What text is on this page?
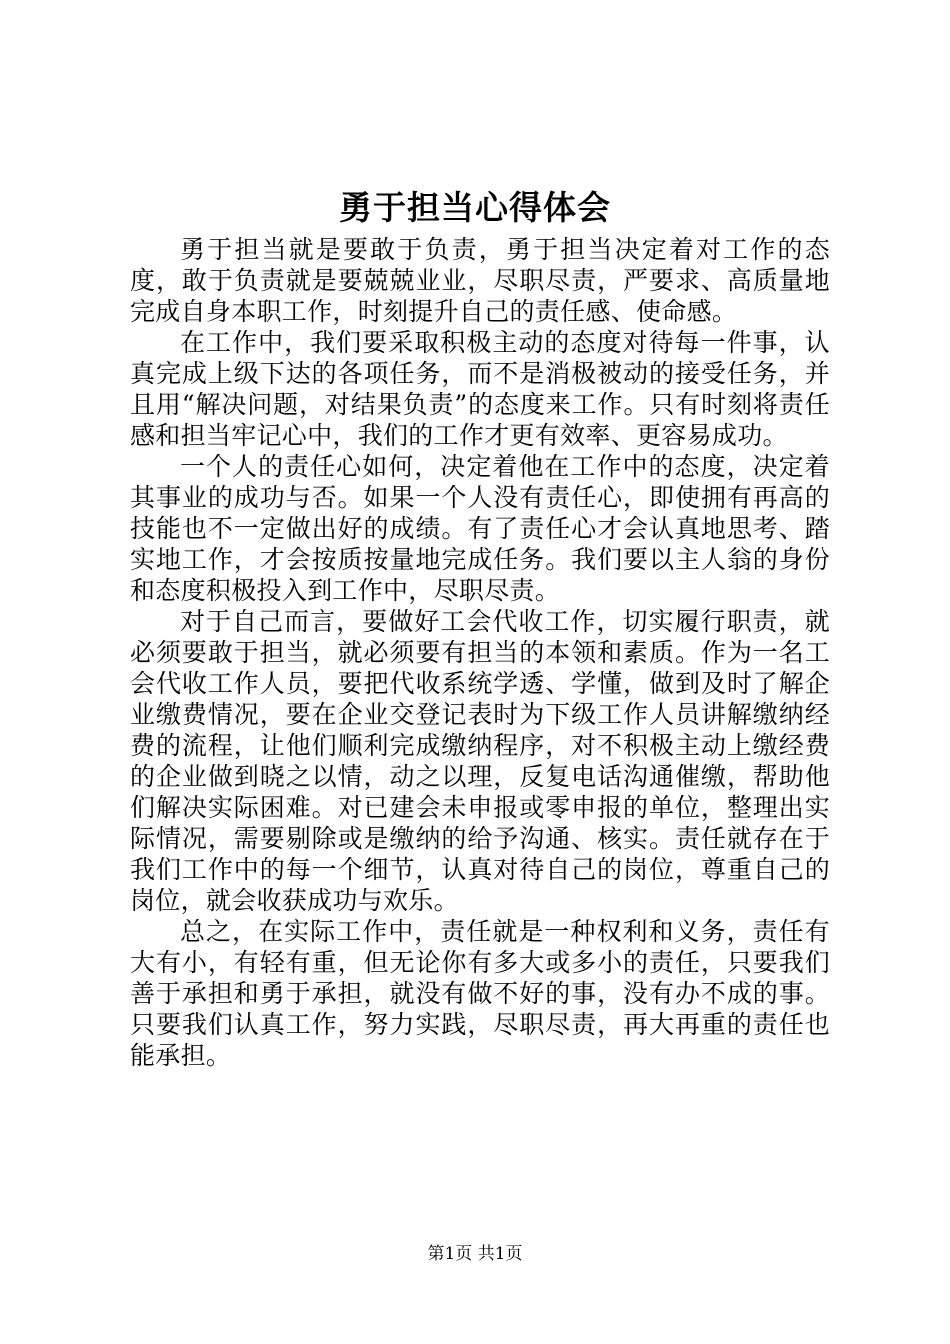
勇于担当心得体会

勇于担当就是要敢于负责，勇于担当决定着对工作的态度，敢于负责就是要兢兢业业，尽职尽责，严要求、高质量地完成自身本职工作，时刻提升自己的责任感、使命感。

在工作中，我们要采取积极主动的态度对待每一件事，认真完成上级下达的各项任务，而不是消极被动的接受任务，并且用“解决问题，对结果负责”的态度来工作。只有时刻将责任感和担当牢记心中，我们的工作才更有效率、更容易成功。

一个人的责任心如何，决定着他在工作中的态度，决定着其事业的成功与否。如果一个人没有责任心，即使拥有再高的技能也不一定做出好的成绩。有了责任心才会认真地思考、踏实地工作，才会按质按量地完成任务。我们要以主人翁的身份和态度积极投入到工作中，尽职尽责。

对于自己而言，要做好工会代收工作，切实履行职责，就必须要敢于担当，就必须要有担当的本领和素质。作为一名工会代收工作人员，要把代收系统学透、学懂，做到及时了解企业缴费情况，要在企业交登记表时为下级工作人员讲解缴纳经费的流程，让他们顺利完成缴纳程序，对不积极主动上缴经费的企业做到晓之以情，动之以理，反复电话沟通催缴，帮助他们解决实际困难。对已建会未申报或零申报的单位，整理出实际情况，需要剔除或是缴纳的给予沟通、核实。责任就存在于我们工作中的每一个细节，认真对待自己的岗位，尊重自己的岗位，就会收获成功与欢乐。

总之，在实际工作中，责任就是一种权利和义务，责任有大有小，有轻有重，但无论你有多大或多小的责任，只要我们善于承担和勇于承担，就没有做不好的事，没有办不成的事。只要我们认真工作，努力实践，尽职尽责，再大再重的责任也能承担。

第1页 共1页
